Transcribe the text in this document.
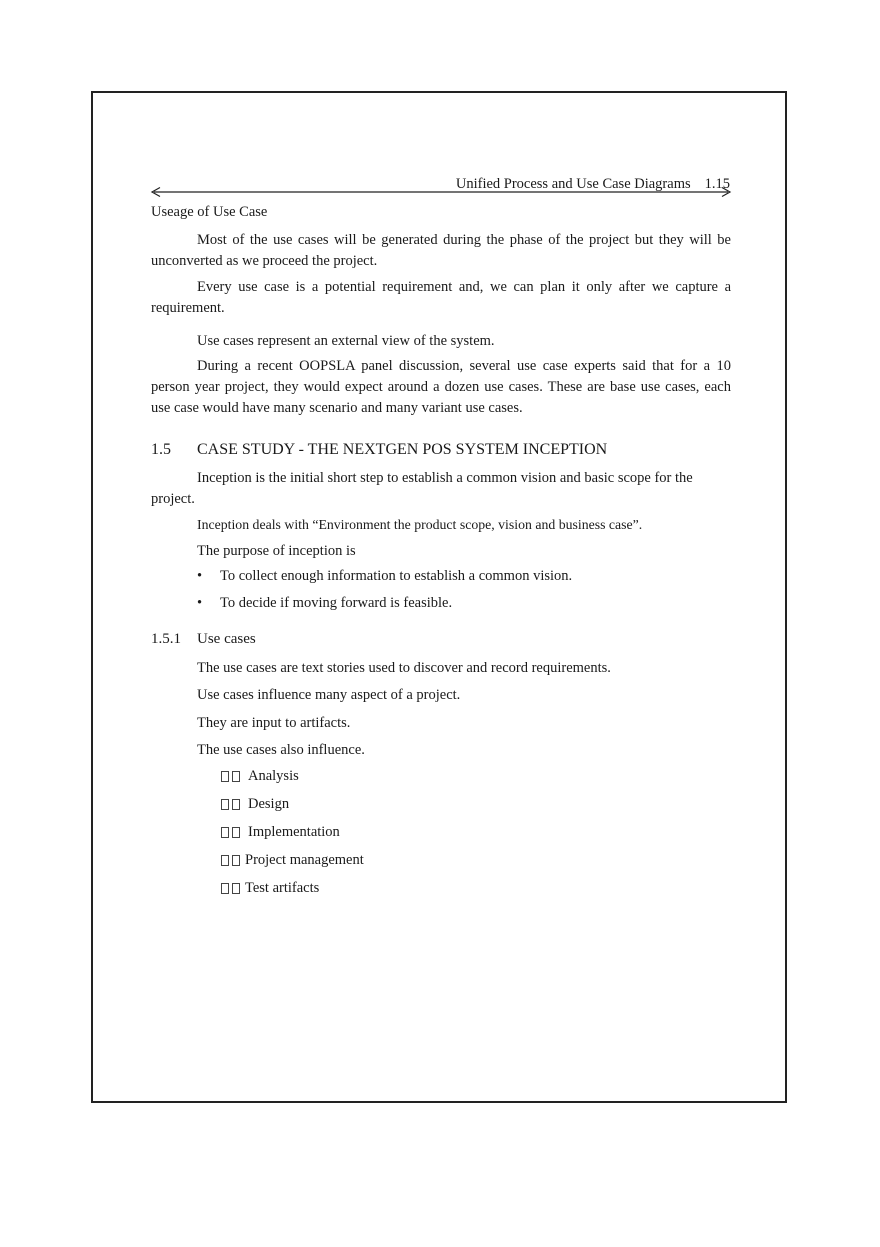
Unified Process and Use Case Diagrams 1.15
Useage of Use Case
Most of the use cases will be generated during the phase of the project but they will be unconverted as we proceed the project.
Every use case is a potential requirement and, we can plan it only after we capture a requirement.
Use cases represent an external view of the system.
During a recent OOPSLA panel discussion, several use case experts said that for a 10 person year project, they would expect around a dozen use cases. These are base use cases, each use case would have many scenario and many variant use cases.
1.5 CASE STUDY - THE NEXTGEN POS SYSTEM INCEPTION
Inception is the initial short step to establish a common vision and basic scope for the project.
Inception deals with “Environment the product scope, vision and business case”.
The purpose of inception is
• To collect enough information to establish a common vision.
• To decide if moving forward is feasible.
1.5.1 Use cases
The use cases are text stories used to discover and record requirements.
Use cases influence many aspect of a project.
They are input to artifacts.
The use cases also influence.
Analysis
Design
Implementation
Project management
Test artifacts
